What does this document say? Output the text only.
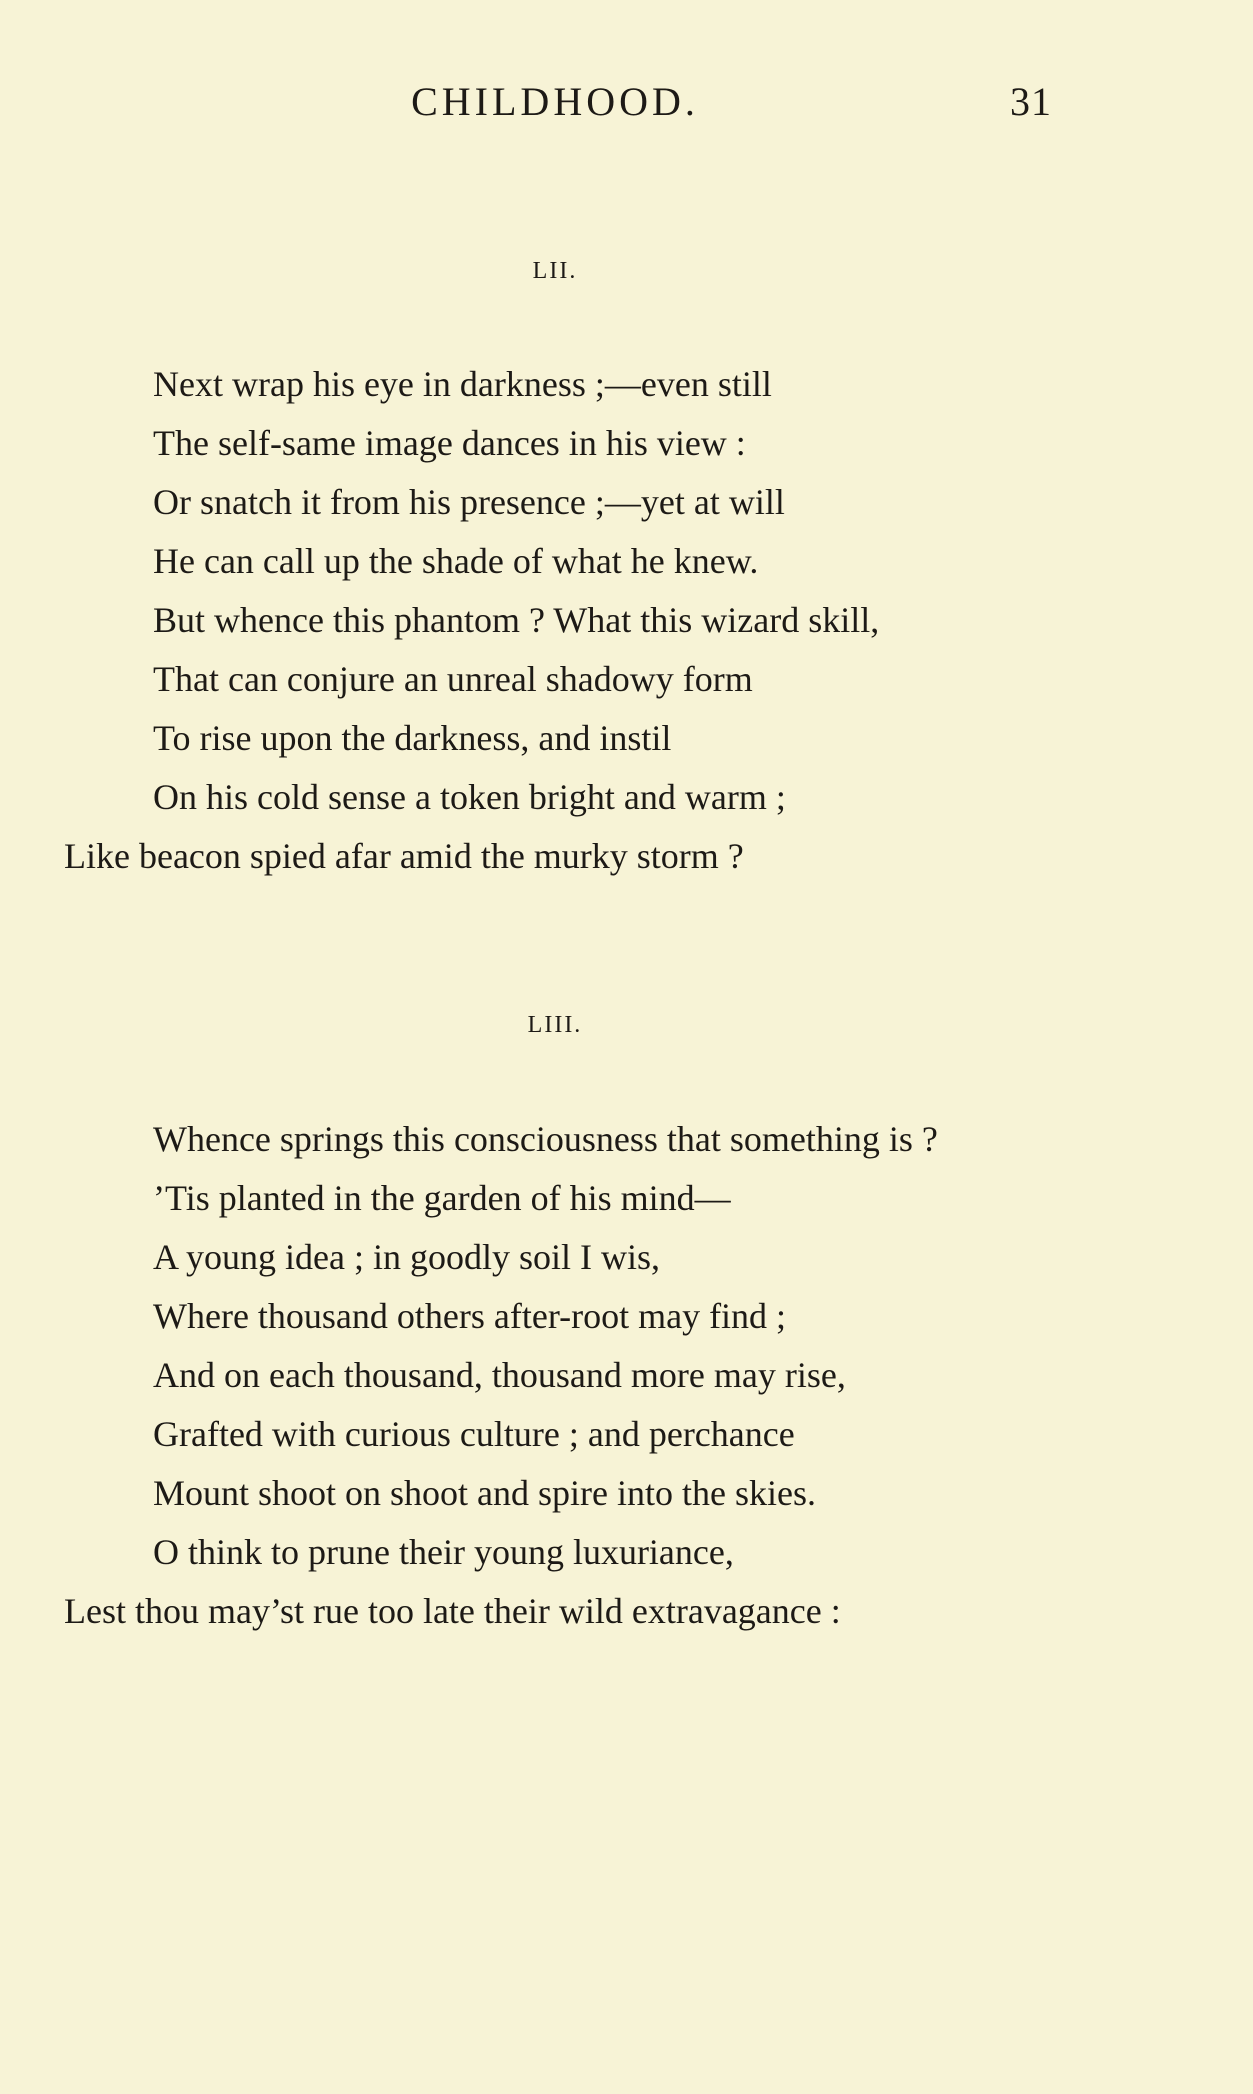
CHILDHOOD.	31
LII.
Next wrap his eye in darkness ;—even still
The self-same image dances in his view :
Or snatch it from his presence ;—yet at will
He can call up the shade of what he knew.
But whence this phantom ? What this wizard skill,
That can conjure an unreal shadowy form
To rise upon the darkness, and instil
On his cold sense a token bright and warm ;
Like beacon spied afar amid the murky storm ?
LIII.
Whence springs this consciousness that something is ?
’Tis planted in the garden of his mind—
A young idea ; in goodly soil I wis,
Where thousand others after-root may find ;
And on each thousand, thousand more may rise,
Grafted with curious culture ; and perchance
Mount shoot on shoot and spire into the skies.
O think to prune their young luxuriance,
Lest thou may’st rue too late their wild extravagance :
